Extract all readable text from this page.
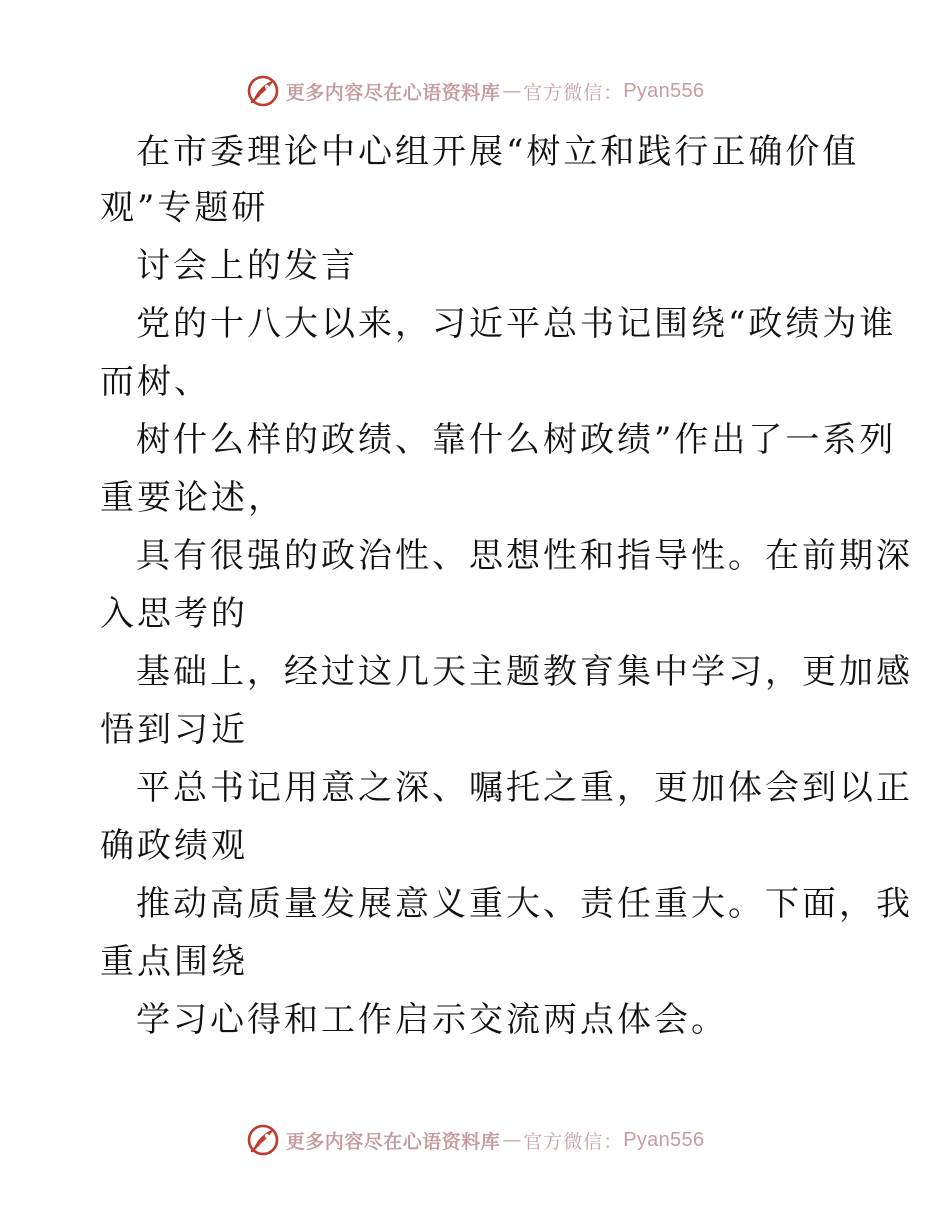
更多内容尽在心语资料库 — 官方微信： Pyan556
在市委理论中心组开展“树立和践行正确价值
观”专题研
讨会上的发言
党的十八大以来，习近平总书记围绕“政绩为谁
而树、
树什么样的政绩、靠什么树政绩”作出了一系列
重要论述，
具有很强的政治性、思想性和指导性。在前期深
入思考的
基础上，经过这几天主题教育集中学习，更加感
悟到习近
平总书记用意之深、嘱托之重，更加体会到以正
确政绩观
推动高质量发展意义重大、责任重大。下面，我
重点围绕
学习心得和工作启示交流两点体会。
更多内容尽在心语资料库 — 官方微信： Pyan556
